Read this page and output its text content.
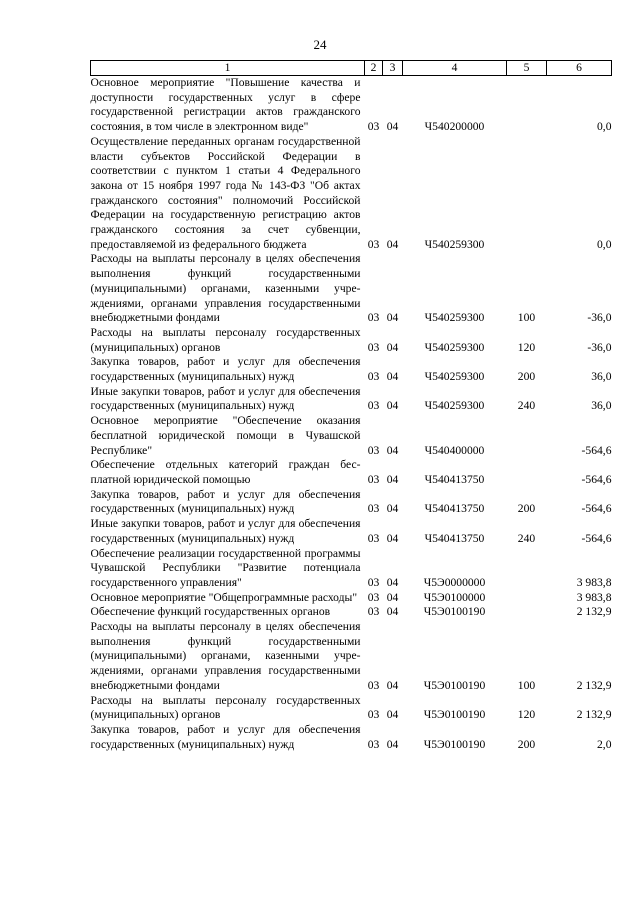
24
1	2	3	4	5	6
Основное мероприятие "Повышение качества и доступности государственных услуг в сфере государственной регистрации актов гражданского состояния, в том числе в электронном виде"	03	04	Ч540200000		0,0
Осуществление переданных органам государственной власти субъектов Российской Федерации в соответствии с пунктом 1 статьи 4 Федерального закона от 15 ноября 1997 года № 143-ФЗ "Об актах гражданского состояния" полномочий Российской Федерации на государственную регистрацию актов гражданского состояния за счет субвенции, предоставляемой из федерального бюджета	03	04	Ч540259300		0,0
Расходы на выплаты персоналу в целях обеспечения выполнения функций государственными (муниципальными) органами, казенными учреждениями, органами управления государственными внебюджетными фондами	03	04	Ч540259300	100	-36,0
Расходы на выплаты персоналу государственных (муниципальных) органов	03	04	Ч540259300	120	-36,0
Закупка товаров, работ и услуг для обеспечения государственных (муниципальных) нужд	03	04	Ч540259300	200	36,0
Иные закупки товаров, работ и услуг для обеспечения государственных (муниципальных) нужд	03	04	Ч540259300	240	36,0
Основное мероприятие "Обеспечение оказания бесплатной юридической помощи в Чувашской Республике"	03	04	Ч540400000		-564,6
Обеспечение отдельных категорий граждан бесплатной юридической помощью	03	04	Ч540413750		-564,6
Закупка товаров, работ и услуг для обеспечения государственных (муниципальных) нужд	03	04	Ч540413750	200	-564,6
Иные закупки товаров, работ и услуг для обеспечения государственных (муниципальных) нужд	03	04	Ч540413750	240	-564,6
Обеспечение реализации государственной программы Чувашской Республики "Развитие потенциала государственного управления"	03	04	Ч5Э0000000		3 983,8
Основное мероприятие "Общепрограммные расходы"	03	04	Ч5Э0100000		3 983,8
Обеспечение функций государственных органов	03	04	Ч5Э0100190		2 132,9
Расходы на выплаты персоналу в целях обеспечения выполнения функций государственными (муниципальными) органами, казенными учреждениями, органами управления государственными внебюджетными фондами	03	04	Ч5Э0100190	100	2 132,9
Расходы на выплаты персоналу государственных (муниципальных) органов	03	04	Ч5Э0100190	120	2 132,9
Закупка товаров, работ и услуг для обеспечения государственных (муниципальных) нужд	03	04	Ч5Э0100190	200	2,0
